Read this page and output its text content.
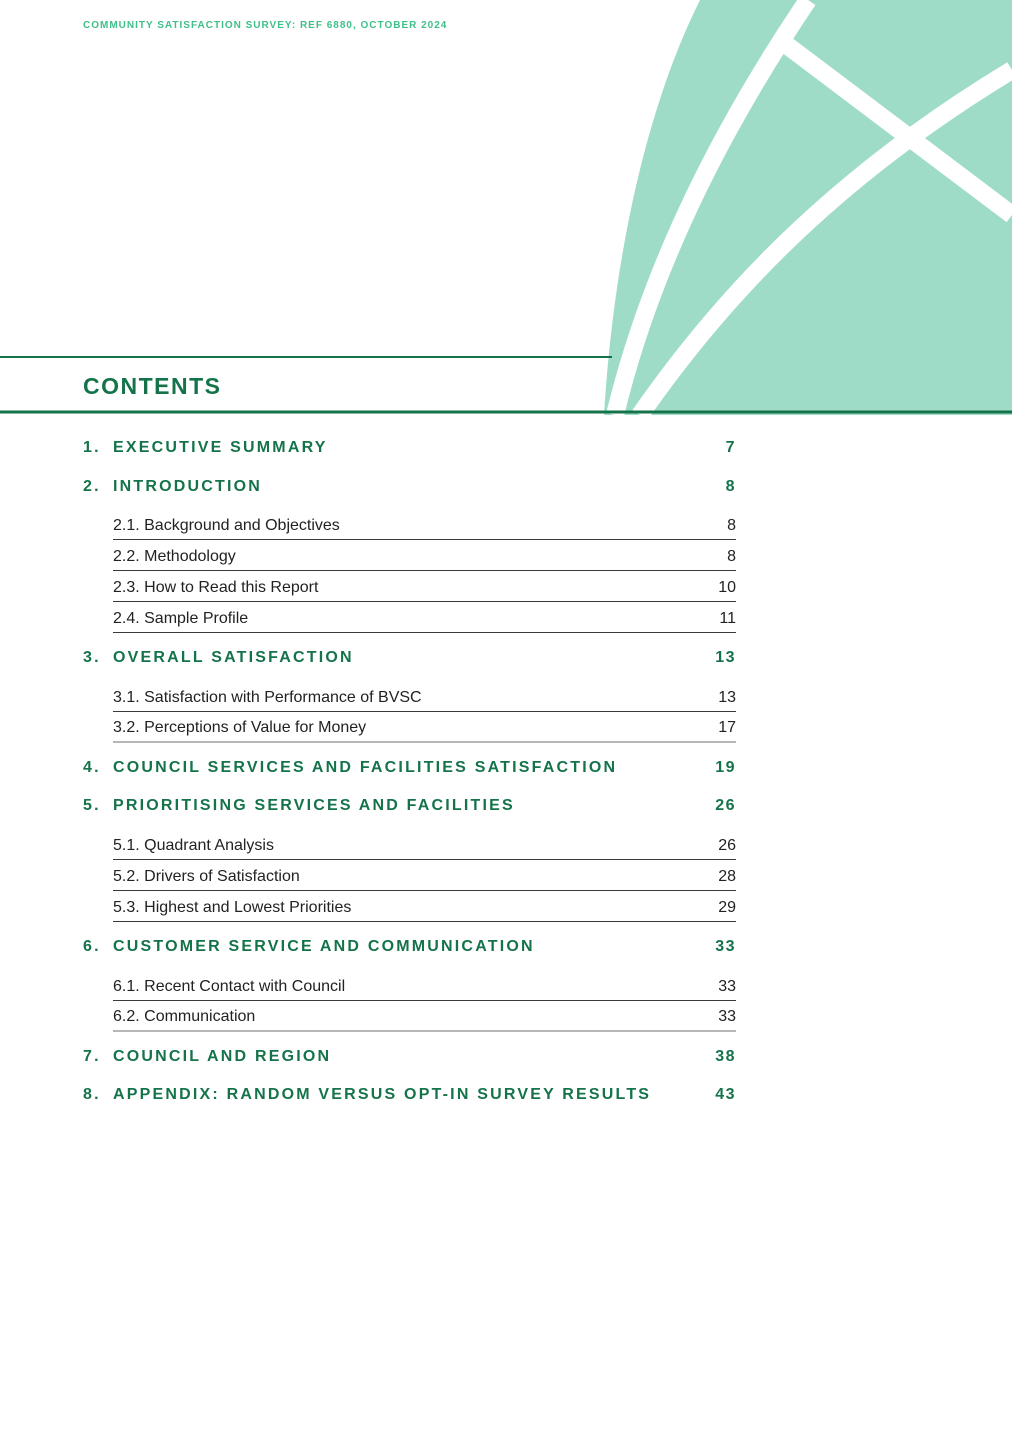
COMMUNITY SATISFACTION SURVEY: REF 6880, OCTOBER 2024
CONTENTS
1. EXECUTIVE SUMMARY	7
2. INTRODUCTION	8
2.1. Background and Objectives	8
2.2. Methodology	8
2.3. How to Read this Report	10
2.4. Sample Profile	11
3. OVERALL SATISFACTION	13
3.1. Satisfaction with Performance of BVSC	13
3.2. Perceptions of Value for Money	17
4. COUNCIL SERVICES AND FACILITIES SATISFACTION	19
5. PRIORITISING SERVICES AND FACILITIES	26
5.1. Quadrant Analysis	26
5.2. Drivers of Satisfaction	28
5.3. Highest and Lowest Priorities	29
6. CUSTOMER SERVICE AND COMMUNICATION	33
6.1. Recent Contact with Council	33
6.2. Communication	33
7. COUNCIL AND REGION	38
8. APPENDIX: RANDOM VERSUS OPT-IN SURVEY RESULTS	43
